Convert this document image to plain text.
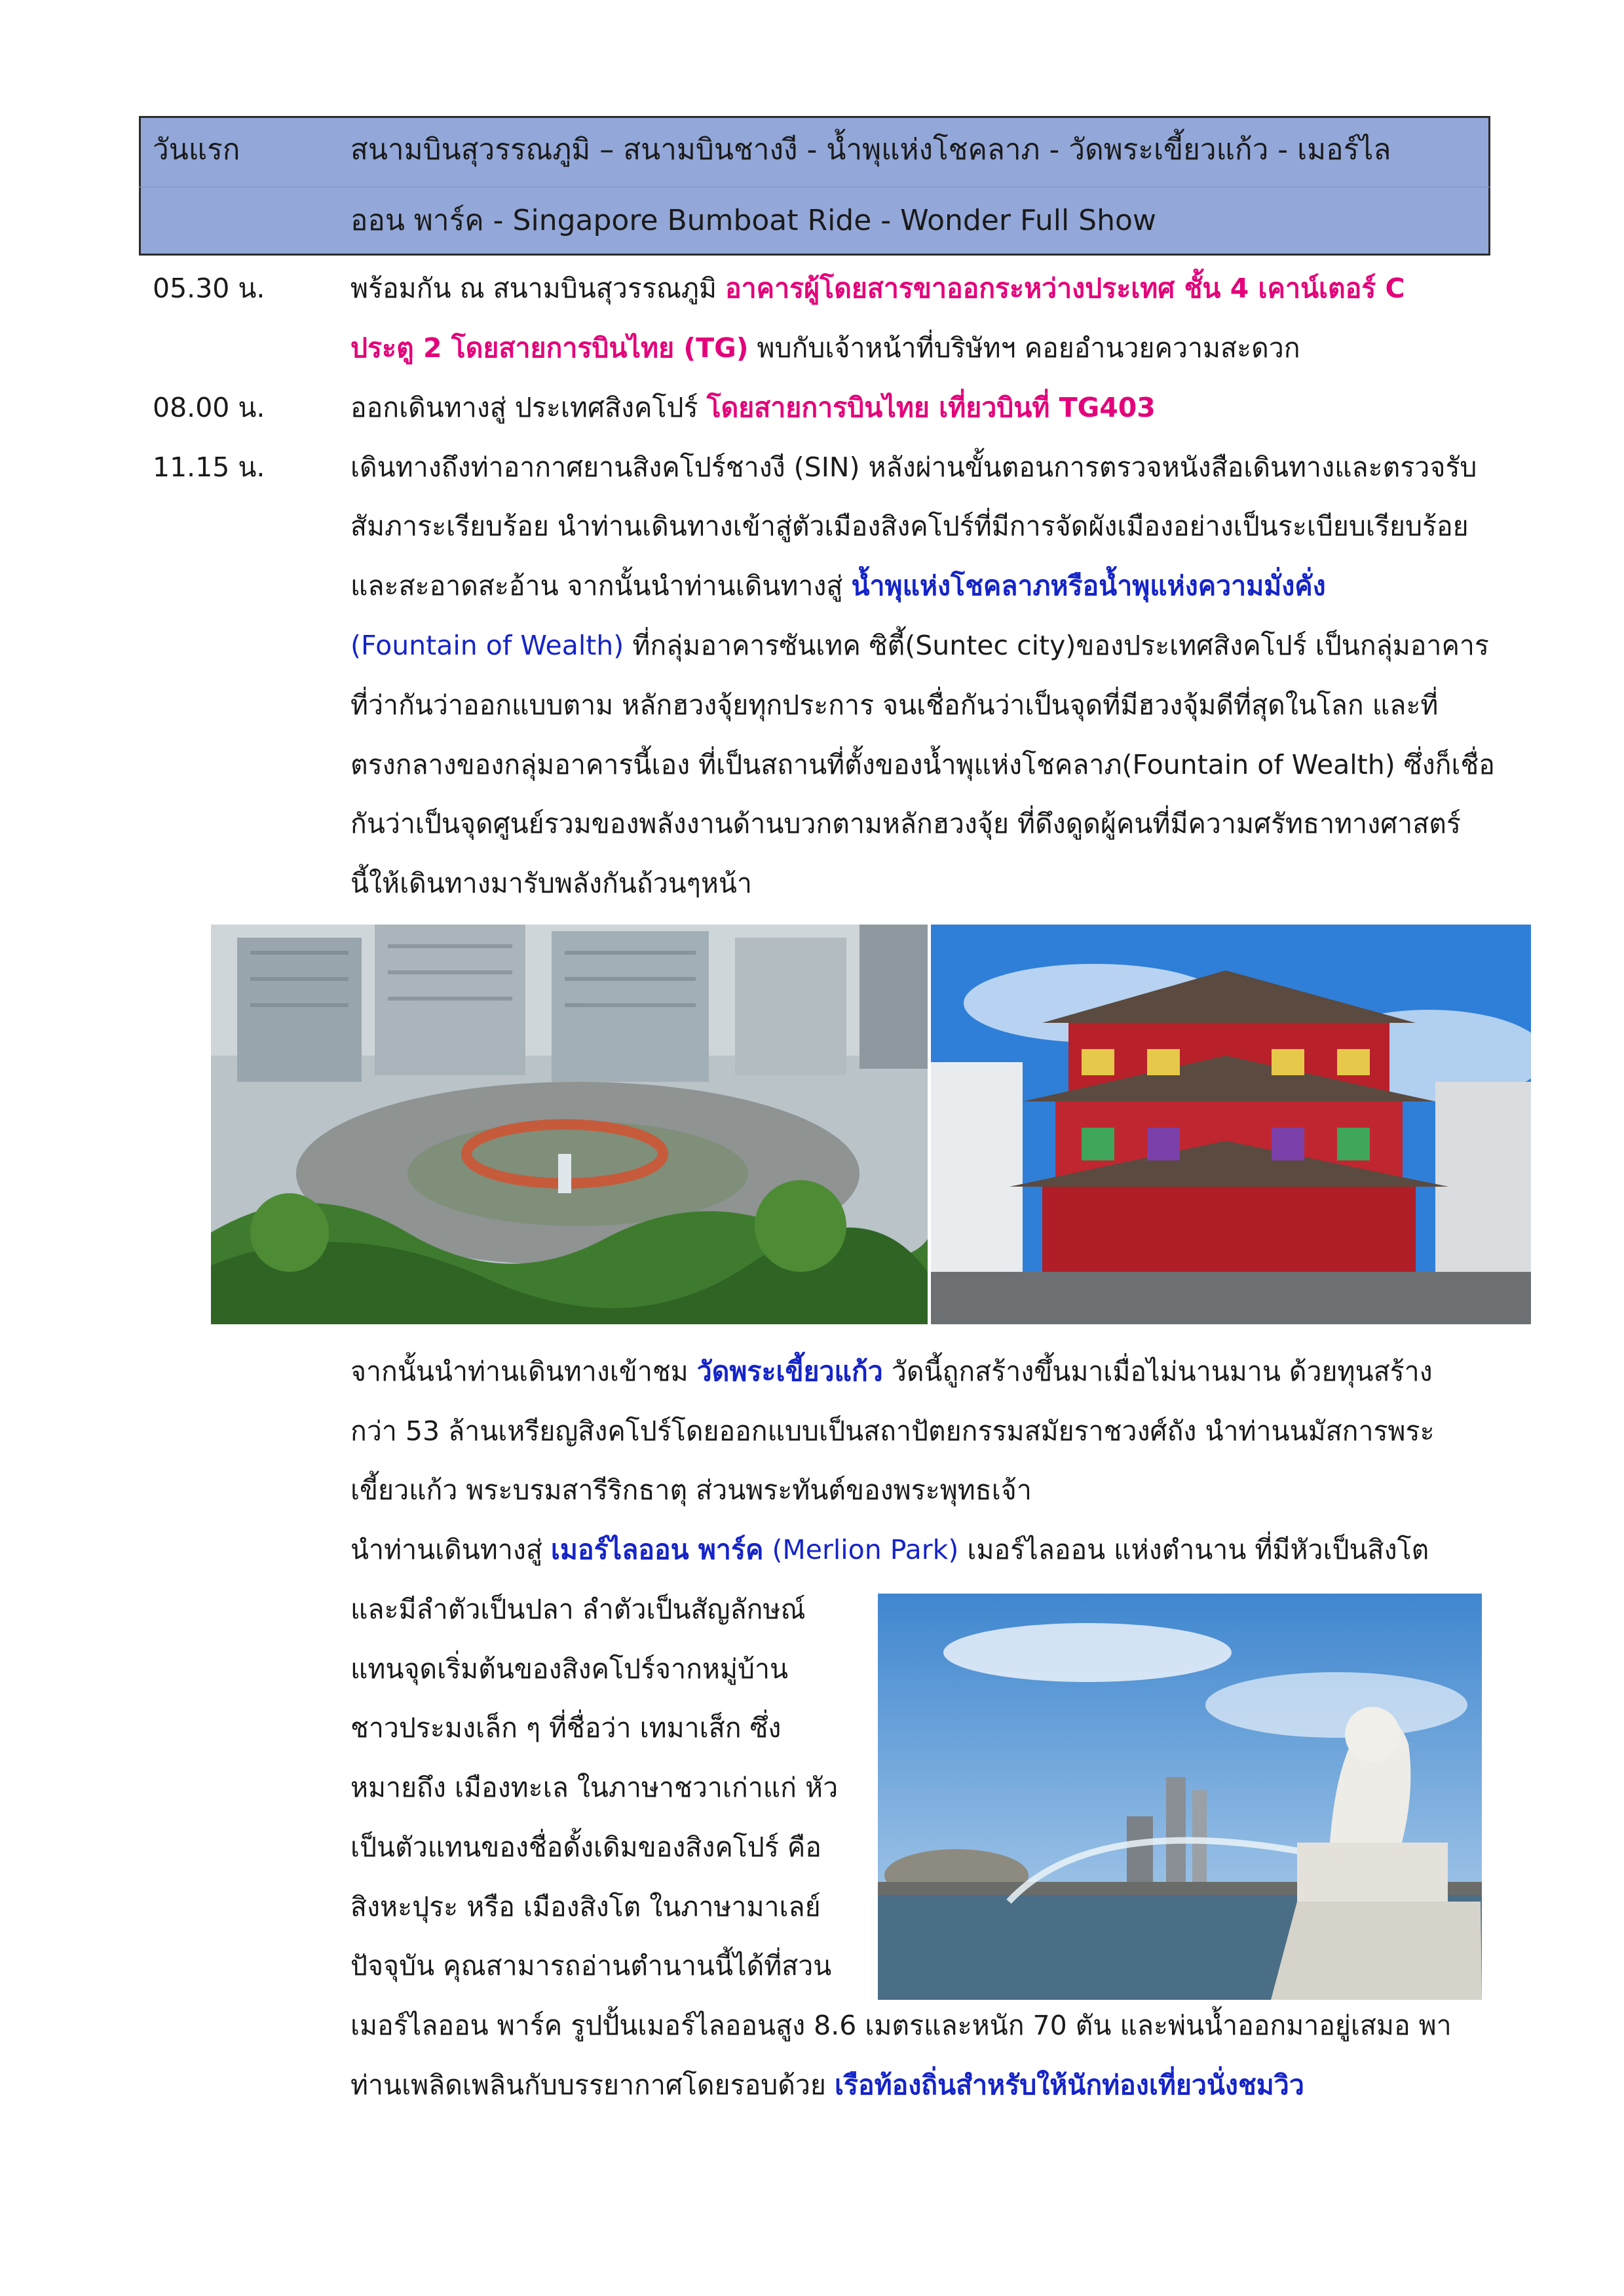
วันแรก	สนามบินสุวรรณภูมิ – สนามบินชางงี - น้ำพุแห่งโชคลาภ - วัดพระเขี้ยวแก้ว - เมอร์ไล
ออน พาร์ค - Singapore Bumboat Ride - Wonder Full Show
05.30 น.	พร้อมกัน ณ สนามบินสุวรรณภูมิ อาคารผู้โดยสารขาออกระหว่างประเทศ ชั้น 4 เคาน์เตอร์ C
ประตู 2 โดยสายการบินไทย (TG) พบกับเจ้าหน้าที่บริษัทฯ คอยอำนวยความสะดวก
08.00 น.	ออกเดินทางสู่ ประเทศสิงคโปร์ โดยสายการบินไทย เที่ยวบินที่ TG403
11.15 น.	เดินทางถึงท่าอากาศยานสิงคโปร์ชางงี (SIN) หลังผ่านขั้นตอนการตรวจหนังสือเดินทางและตรวจรับ
สัมภาระเรียบร้อย นำท่านเดินทางเข้าสู่ตัวเมืองสิงคโปร์ที่มีการจัดผังเมืองอย่างเป็นระเบียบเรียบร้อย
และสะอาดสะอ้าน จากนั้นนำท่านเดินทางสู่ น้ำพุแห่งโชคลาภหรือน้ำพุแห่งความมั่งคั่ง
(Fountain of Wealth) ที่กลุ่มอาคารซันเทค ซิตี้(Suntec city)ของประเทศสิงคโปร์ เป็นกลุ่มอาคาร
ที่ว่ากันว่าออกแบบตาม หลักฮวงจุ้ยทุกประการ จนเชื่อกันว่าเป็นจุดที่มีฮวงจุ้มดีที่สุดในโลก และที่
ตรงกลางของกลุ่มอาคารนี้เอง ที่เป็นสถานที่ตั้งของน้ำพุแห่งโชคลาภ(Fountain of Wealth) ซึ่งก็เชื่อ
กันว่าเป็นจุดศูนย์รวมของพลังงานด้านบวกตามหลักฮวงจุ้ย ที่ดึงดูดผู้คนที่มีความศรัทธาทางศาสตร์
นี้ให้เดินทางมารับพลังกันถ้วนๆหน้า
จากนั้นนำท่านเดินทางเข้าชม วัดพระเขี้ยวแก้ว วัดนี้ถูกสร้างขึ้นมาเมื่อไม่นานมาน ด้วยทุนสร้าง
กว่า 53 ล้านเหรียญสิงคโปร์โดยออกแบบเป็นสถาปัตยกรรมสมัยราชวงศ์ถัง นำท่านนมัสการพระ
เขี้ยวแก้ว พระบรมสารีริกธาตุ ส่วนพระทันต์ของพระพุทธเจ้า
นำท่านเดินทางสู่ เมอร์ไลออน พาร์ค (Merlion Park) เมอร์ไลออน แห่งตำนาน ที่มีหัวเป็นสิงโต
และมีลำตัวเป็นปลา ลำตัวเป็นสัญลักษณ์
แทนจุดเริ่มต้นของสิงคโปร์จากหมู่บ้าน
ชาวประมงเล็ก ๆ ที่ชื่อว่า เทมาเส็ก ซึ่ง
หมายถึง เมืองทะเล ในภาษาชวาเก่าแก่ หัว
เป็นตัวแทนของชื่อดั้งเดิมของสิงคโปร์ คือ
สิงหะปุระ หรือ เมืองสิงโต ในภาษามาเลย์
ปัจจุบัน คุณสามารถอ่านตำนานนี้ได้ที่สวน
เมอร์ไลออน พาร์ค รูปปั้นเมอร์ไลออนสูง 8.6 เมตรและหนัก 70 ตัน และพ่นน้ำออกมาอยู่เสมอ พา
ท่านเพลิดเพลินกับบรรยากาศโดยรอบด้วย เรือท้องถิ่นสำหรับให้นักท่องเที่ยวนั่งชมวิว
